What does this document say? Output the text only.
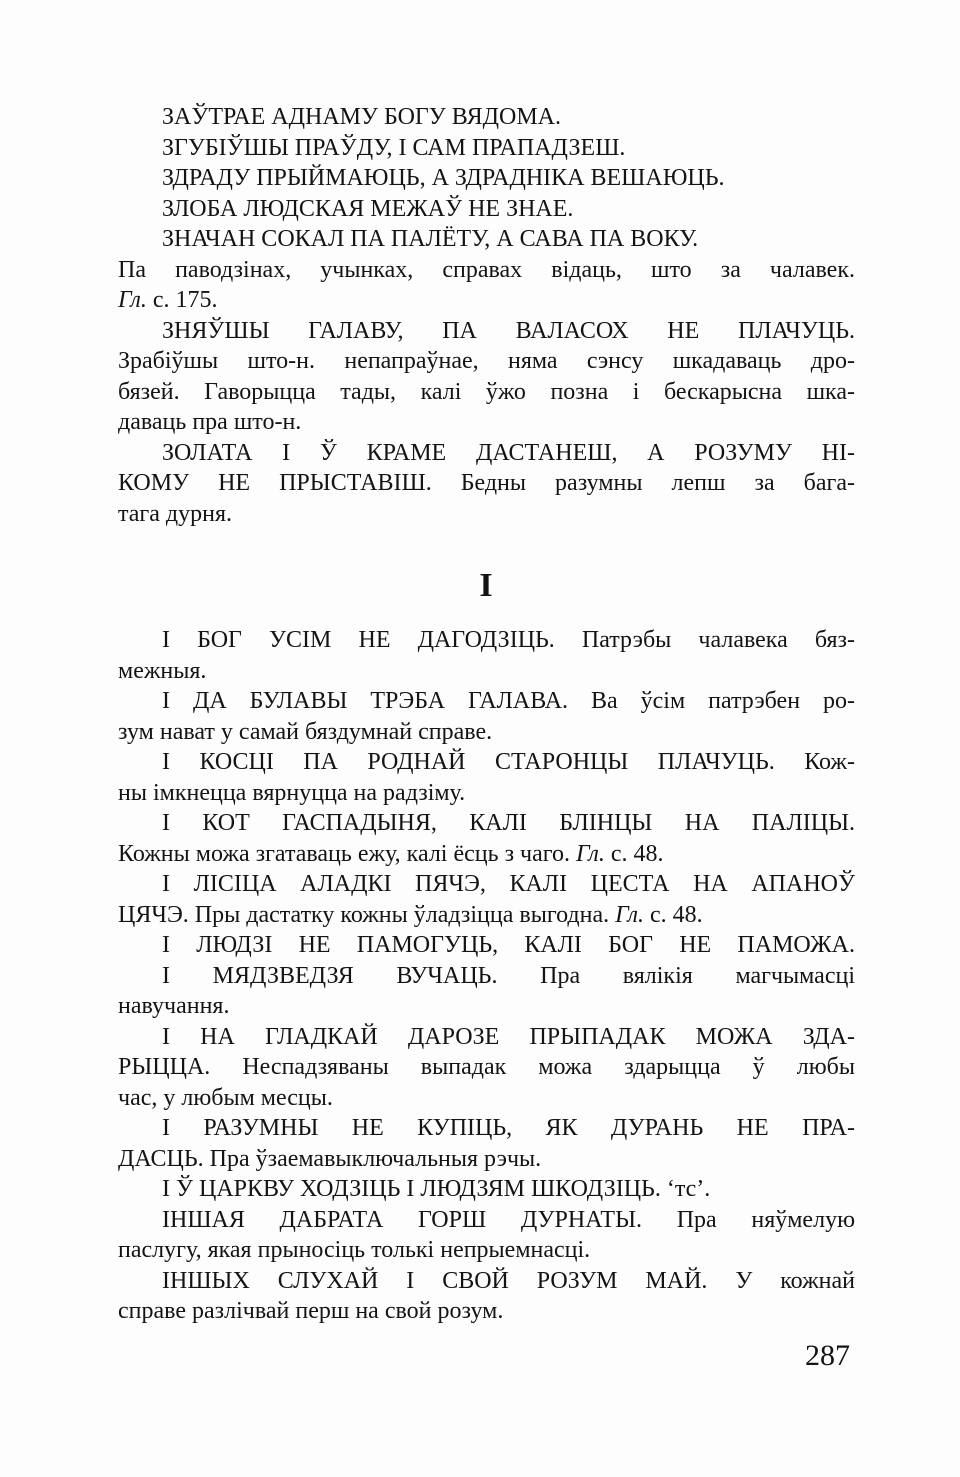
ЗАЎТРАЕ АДНАМУ БОГУ ВЯДОМА.
ЗГУБІЎШЫ ПРАЎДУ, І САМ ПРАПАДЗЕШ.
ЗДРАДУ ПРЫЙМАЮЦЬ, А ЗДРАДНІКА ВЕШАЮЦЬ.
ЗЛОБА ЛЮДСКАЯ МЕЖАЎ НЕ ЗНАЕ.
ЗНАЧАН СОКАЛ ПА ПАЛЁТУ, А САВА ПА ВОКУ.
Па паводзінах, учынках, справах відаць, што за чалавек.
Гл. с. 175.
ЗНЯЎШЫ ГАЛАВУ, ПА ВАЛАСОХ НЕ ПЛАЧУЦЬ.
Зрабіўшы што-н. непапраўнае, няма сэнсу шкадаваць дро-
бязей. Гаворыцца тады, калі ўжо позна і бескарысна шка-
даваць пра што-н.
ЗОЛАТА І Ў КРАМЕ ДАСТАНЕШ, А РОЗУМУ НІ-
КОМУ НЕ ПРЫСТАВІШ. Бедны разумны лепш за бага-
тага дурня.
І
І БОГ УСІМ НЕ ДАГОДЗІЦЬ. Патрэбы чалавека бяз-
межныя.
І ДА БУЛАВЫ ТРЭБА ГАЛАВА. Ва ўсім патрэбен ро-
зум нават у самай бяздумнай справе.
І КОСЦІ ПА РОДНАЙ СТАРОНЦЫ ПЛАЧУЦЬ. Кож-
ны імкнецца вярнуцца на радзіму.
І КОТ ГАСПАДЫНЯ, КАЛІ БЛІНЦЫ НА ПАЛІЦЫ.
Кожны можа згатаваць ежу, калі ёсць з чаго. Гл. с. 48.
І ЛІСІЦА АЛАДКІ ПЯЧЭ, КАЛІ ЦЕСТА НА АПАНОЎ
ЦЯЧЭ. Пры дастатку кожны ўладзіцца выгодна. Гл. с. 48.
І ЛЮДЗІ НЕ ПАМОГУЦЬ, КАЛІ БОГ НЕ ПАМОЖА.
І МЯДЗВЕДЗЯ ВУЧАЦЬ. Пра вялікія магчымасці
навучання.
І НА ГЛАДКАЙ ДАРОЗЕ ПРЫПАДАК МОЖА ЗДА-
РЫЦЦА. Неспадзяваны выпадак можа здарыцца ў любы
час, у любым месцы.
І РАЗУМНЫ НЕ КУПІЦЬ, ЯК ДУРАНЬ НЕ ПРА-
ДАСЦЬ. Пра ўзаемавыключальныя рэчы.
І Ў ЦАРКВУ ХОДЗІЦЬ І ЛЮДЗЯМ ШКОДЗІЦЬ. ‘тс’.
ІНШАЯ ДАБРАТА ГОРШ ДУРНАТЫ. Пра няўмелую
паслугу, якая прыносіць толькі непрыемнасці.
ІНШЫХ СЛУХАЙ І СВОЙ РОЗУМ МАЙ. У кожнай
справе разлічвай перш на свой розум.
287
